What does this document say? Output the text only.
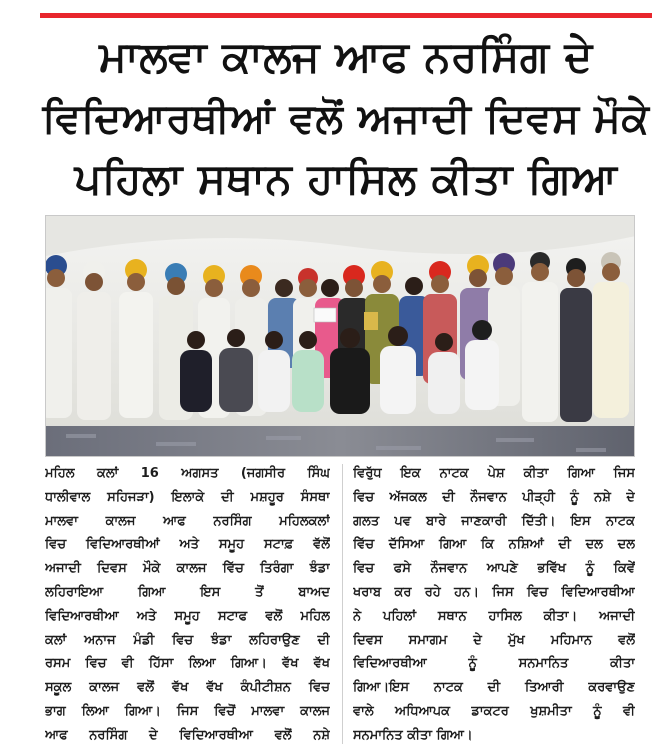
ਮਾਲਵਾ ਕਾਲਜ ਆਫ ਨਰਸਿੰਗ ਦੇ
ਵਿਦਿਆਰਥੀਆਂ ਵਲੋਂ ਅਜਾਦੀ ਦਿਵਸ ਮੌਕੇ
ਪਹਿਲਾ ਸਥਾਨ ਹਾਸਿਲ ਕੀਤਾ ਗਿਆ
ਮਹਿਲ ਕਲਾਂ 16 ਅਗਸਤ (ਜਗਸੀਰ ਸਿੰਘ
ਧਾਲੀਵਾਲ ਸਹਿਜੜਾ) ਇਲਾਕੇ ਦੀ ਮਸ਼ਹੂਰ ਸੰਸਥਾ
ਮਾਲਵਾ ਕਾਲਜ ਆਫ ਨਰਸਿੰਗ ਮਹਿਲਕਲਾਂ
ਵਿਚ ਵਿਦਿਆਰਥੀਆਂ ਅਤੇ ਸਮੂਹ ਸਟਾਫ਼ ਵੱਲੋਂ
ਅਜਾਦੀ ਦਿਵਸ ਮੌਕੇ ਕਾਲਜ ਵਿੱਚ ਤਿਰੰਗਾ ਝੰਡਾ
ਲਹਿਰਾਇਆ ਗਿਆ ਇਸ ਤੋਂ ਬਾਅਦ
ਵਿਦਿਆਰਥੀਆ ਅਤੇ ਸਮੂਹ ਸਟਾਫ ਵਲੋਂ ਮਹਿਲ
ਕਲਾਂ ਅਨਾਜ ਮੰਡੀ ਵਿਚ ਝੰਡਾ ਲਹਿਰਾਉਣ ਦੀ
ਰਸਮ ਵਿਚ ਵੀ ਹਿੱਸਾ ਲਿਆ ਗਿਆ। ਵੱਖ ਵੱਖ
ਸਕੂਲ ਕਾਲਜ ਵਲੋਂ ਵੱਖ ਵੱਖ ਕੰਪੀਟੀਸ਼ਨ ਵਿਚ
ਭਾਗ ਲਿਆ ਗਿਆ। ਜਿਸ ਵਿਚੋਂ ਮਾਲਵਾ ਕਾਲਜ
ਆਫ ਨਰਸਿੰਗ ਦੇ ਵਿਦਿਆਰਥੀਆ ਵਲੋਂ ਨਸ਼ੇ
ਵਿਰੁੱਧ ਇਕ ਨਾਟਕ ਪੇਸ਼ ਕੀਤਾ ਗਿਆ ਜਿਸ
ਵਿਚ ਅੱਜਕਲ ਦੀ ਨੌਜਵਾਨ ਪੀੜ੍ਹੀ ਨੂੰ ਨਸ਼ੇ ਦੇ
ਗਲਤ ਪਵ ਬਾਰੇ ਜਾਣਕਾਰੀ ਦਿੱਤੀ। ਇਸ ਨਾਟਕ
ਵਿੱਚ ਦੱਸਿਆ ਗਿਆ ਕਿ ਨਸ਼ਿਆਂ ਦੀ ਦਲ ਦਲ
ਵਿਚ ਫਸੇ ਨੌਜਵਾਨ ਆਪਣੇ ਭਵਿੱਖ ਨੂੰ ਕਿਵੇਂ
ਖਰਾਬ ਕਰ ਰਹੇ ਹਨ। ਜਿਸ ਵਿਚ ਵਿਦਿਆਰਥੀਆ
ਨੇ ਪਹਿਲਾਂ ਸਥਾਨ ਹਾਸਿਲ ਕੀਤਾ। ਅਜਾਦੀ
ਦਿਵਸ ਸਮਾਗਮ ਦੇ ਮੁੱਖ ਮਹਿਮਾਨ ਵਲੋਂ
ਵਿਦਿਆਰਥੀਆ ਨੂੰ ਸਨਮਾਨਿਤ ਕੀਤਾ
ਗਿਆ।ਇਸ ਨਾਟਕ ਦੀ ਤਿਆਰੀ ਕਰਵਾਉਣ
ਵਾਲੇ ਅਧਿਆਪਕ ਡਾਕਟਰ ਖੁਸ਼ਮੀਤਾ ਨੂੰ ਵੀ
ਸਨਮਾਨਿਤ ਕੀਤਾ ਗਿਆ।
